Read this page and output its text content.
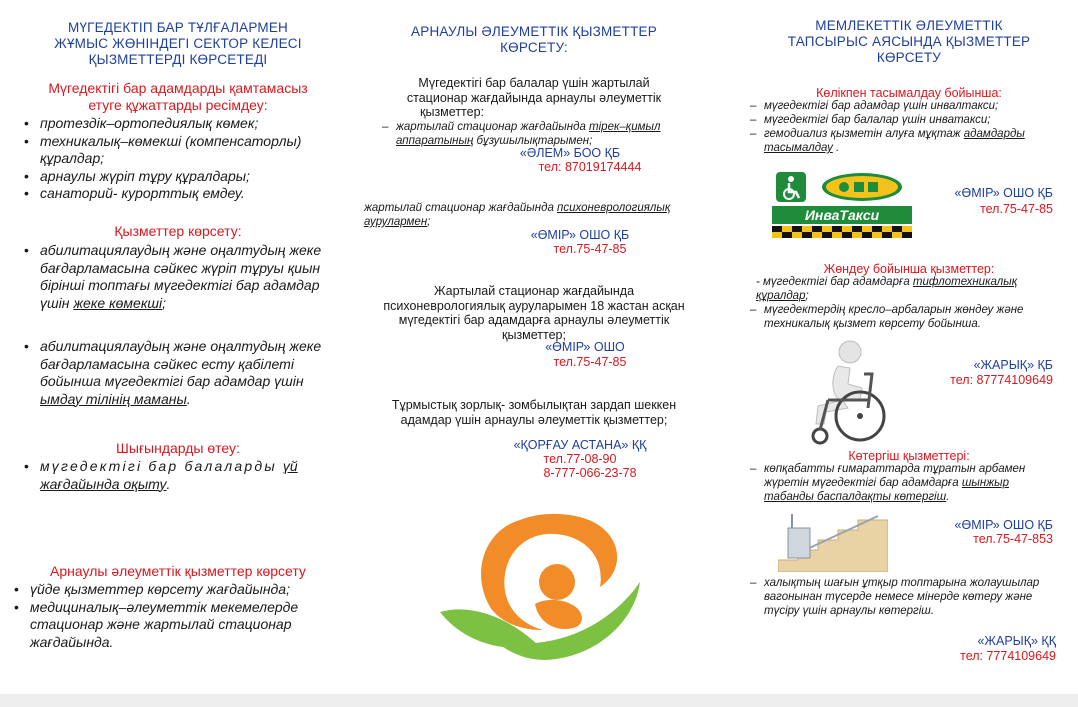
МҮГЕДЕКТІП БАР ТҰЛҒАЛАРМЕН

ЖҰМЫС ЖӨНІНДЕГІ СЕКТОР КЕЛЕСІ

ҚЫЗМЕТТЕРДІ КӨРСЕТЕДІ

Мүгедектігі бар адамдарды қамтамасыз

етуге құжаттарды ресімдеу:

• протездік–ортопедиялық көмек;
• техникалық–көмекші (компенсаторлы) құралдар;
• арнаулы жүріп тұру құралдары;
• санаторий- курорттық емдеу.

Қызметтер көрсету:

• абилитациялаудың және оңалтудың жеке бағдарламасына сәйкес жүріп тұруы қиын бірінші топтағы мүгедектігі бар адамдар үшін жеке көмекші;
• абилитациялаудың және оңалтудың жеке бағдарламасына сәйкес есту қабілеті бойынша мүгедектігі бар адамдар үшін ымдау тілінің маманы.

Шығындарды өтеу:

• мүгедектігі бар балаларды үй жағдайында оқыту.

Арнаулы әлеуметтік қызметтер көрсету

• үйде қызметтер көрсету жағдайында;
• медициналық–әлеуметтік мекемелерде стационар және жартылай стационар жағдайында.

АРНАУЛЫ ӘЛЕУМЕТТІК ҚЫЗМЕТТЕР

КӨРСЕТУ:

Мүгедектігі бар балалар үшін жартылай
стационар жағдайында арнаулы әлеуметтік
қызметтер:
– жартылай стационар жағдайында тірек–қимыл аппаратының бұзушылықтарымен;
«ӘЛЕМ» БОО ҚБ
тел: 87019174444
жартылай стационар жағдайында психоневрологиялық аурулармен;
«ӨМІР» ОШО ҚБ
тел.75-47-85
Жартылай стационар жағдайында
психоневрологиялық ауруларымен 18 жастан асқан
мүгедектігі бар адамдарға арнаулы әлеуметтік
қызметтер;
«ӨМІР» ОШО
тел.75-47-85
Тұрмыстық зорлық- зомбылықтан зардап шеккен
адамдар үшін арнаулы әлеуметтік қызметтер;
«ҚОРҒАУ АСТАНА» ҚҚ
тел.77-08-90
8-777-066-23-78

МЕМЛЕКЕТТІК ӘЛЕУМЕТТІК

ТАПСЫРЫС АЯСЫНДА ҚЫЗМЕТТЕР

КӨРСЕТУ

Көлікпен тасымалдау бойынша:

– мүгедектігі бар адамдар үшін инвалтакси;
– мүгедектігі бар балалар үшін инватакси;
– гемодиализ қызметін алуға мұқтаж адамдарды тасымалдау .
ИнваТакси
«ӨМІР» ОШО ҚБ
тел.75-47-85

Жөндеу бойынша қызметтер:

- мүгедектігі бар адамдарға тифлотехникалық құралдар;
– мүгедектердің кресло–арбаларын жөндеу және техникалық қызмет көрсету бойынша.
«ЖАРЫҚ» ҚБ
тел: 87774109649

Көтергіш қызметтері:

– көпқабатты ғимараттарда тұратын арбамен жүретін мүгедектігі бар адамдарға шынжыр табанды баспалдақты көтергіш.
«ӨМІР» ОШО ҚБ
тел.75-47-853
– халықтың шағын ұтқыр топтарына жолаушылар вагонынан түсерде немесе мінерде көтеру және түсіру үшін арнаулы көтергіш.
«ЖАРЫҚ» ҚҚ
тел: 7774109649
